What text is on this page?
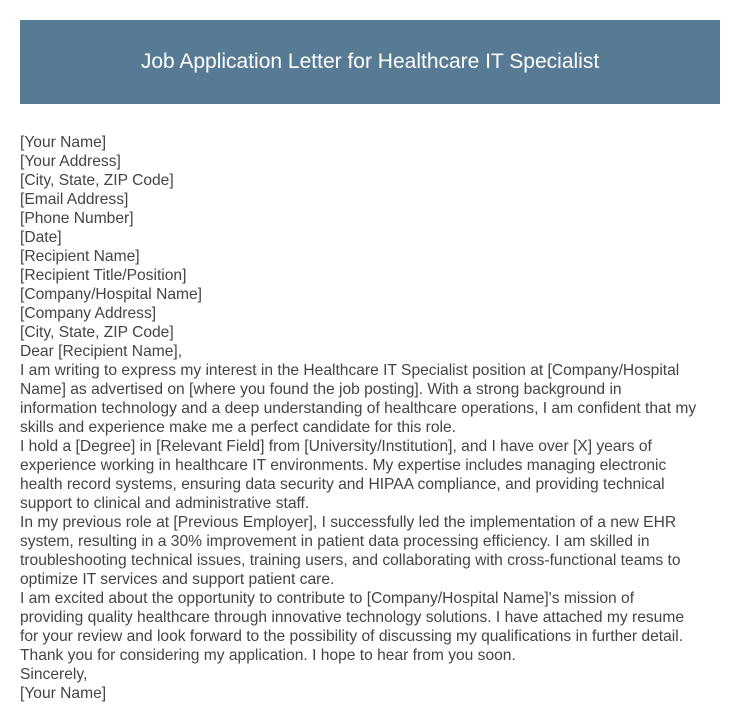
Job Application Letter for Healthcare IT Specialist
[Your Name]
[Your Address]
[City, State, ZIP Code]
[Email Address]
[Phone Number]
[Date]
[Recipient Name]
[Recipient Title/Position]
[Company/Hospital Name]
[Company Address]
[City, State, ZIP Code]
Dear [Recipient Name],

I am writing to express my interest in the Healthcare IT Specialist position at [Company/Hospital
Name] as advertised on [where you found the job posting]. With a strong background in
information technology and a deep understanding of healthcare operations, I am confident that my
skills and experience make me a perfect candidate for this role.

I hold a [Degree] in [Relevant Field] from [University/Institution], and I have over [X] years of
experience working in healthcare IT environments. My expertise includes managing electronic
health record systems, ensuring data security and HIPAA compliance, and providing technical
support to clinical and administrative staff.

In my previous role at [Previous Employer], I successfully led the implementation of a new EHR
system, resulting in a 30% improvement in patient data processing efficiency. I am skilled in
troubleshooting technical issues, training users, and collaborating with cross-functional teams to
optimize IT services and support patient care.

I am excited about the opportunity to contribute to [Company/Hospital Name]'s mission of
providing quality healthcare through innovative technology solutions. I have attached my resume
for your review and look forward to the possibility of discussing my qualifications in further detail.
Thank you for considering my application. I hope to hear from you soon.

Sincerely,
[Your Name]
